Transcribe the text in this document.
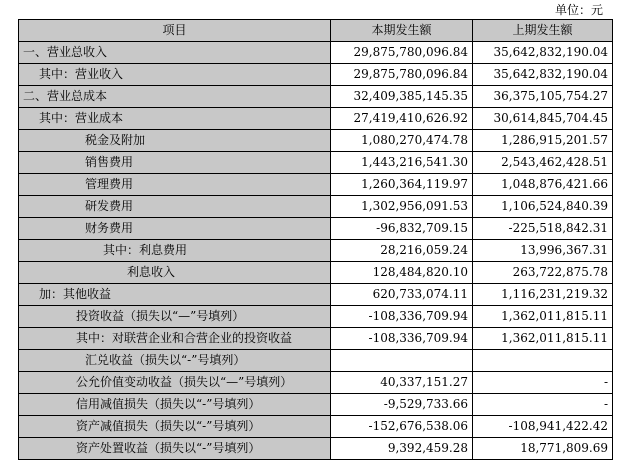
单位：元
项目	本期发生额	上期发生额
一、营业总收入	29,875,780,096.84	35,642,832,190.04
其中：营业收入	29,875,780,096.84	35,642,832,190.04
二、营业总成本	32,409,385,145.35	36,375,105,754.27
其中：营业成本	27,419,410,626.92	30,614,845,704.45
税金及附加	1,080,270,474.78	1,286,915,201.57
销售费用	1,443,216,541.30	2,543,462,428.51
管理费用	1,260,364,119.97	1,048,876,421.66
研发费用	1,302,956,091.53	1,106,524,840.39
财务费用	-96,832,709.15	-225,518,842.31
其中：利息费用	28,216,059.24	13,996,367.31
利息收入	128,484,820.10	263,722,875.78
加：其他收益	620,733,074.11	1,116,231,219.32
投资收益（损失以“—”号填列）	-108,336,709.94	1,362,011,815.11
其中：对联营企业和合营企业的投资收益	-108,336,709.94	1,362,011,815.11
汇兑收益（损失以“-”号填列）		
公允价值变动收益（损失以“—”号填列）	40,337,151.27	-
信用减值损失（损失以“-”号填列）	-9,529,733.66	-
资产减值损失（损失以“-”号填列）	-152,676,538.06	-108,941,422.42
资产处置收益（损失以“-”号填列）	9,392,459.28	18,771,809.69
